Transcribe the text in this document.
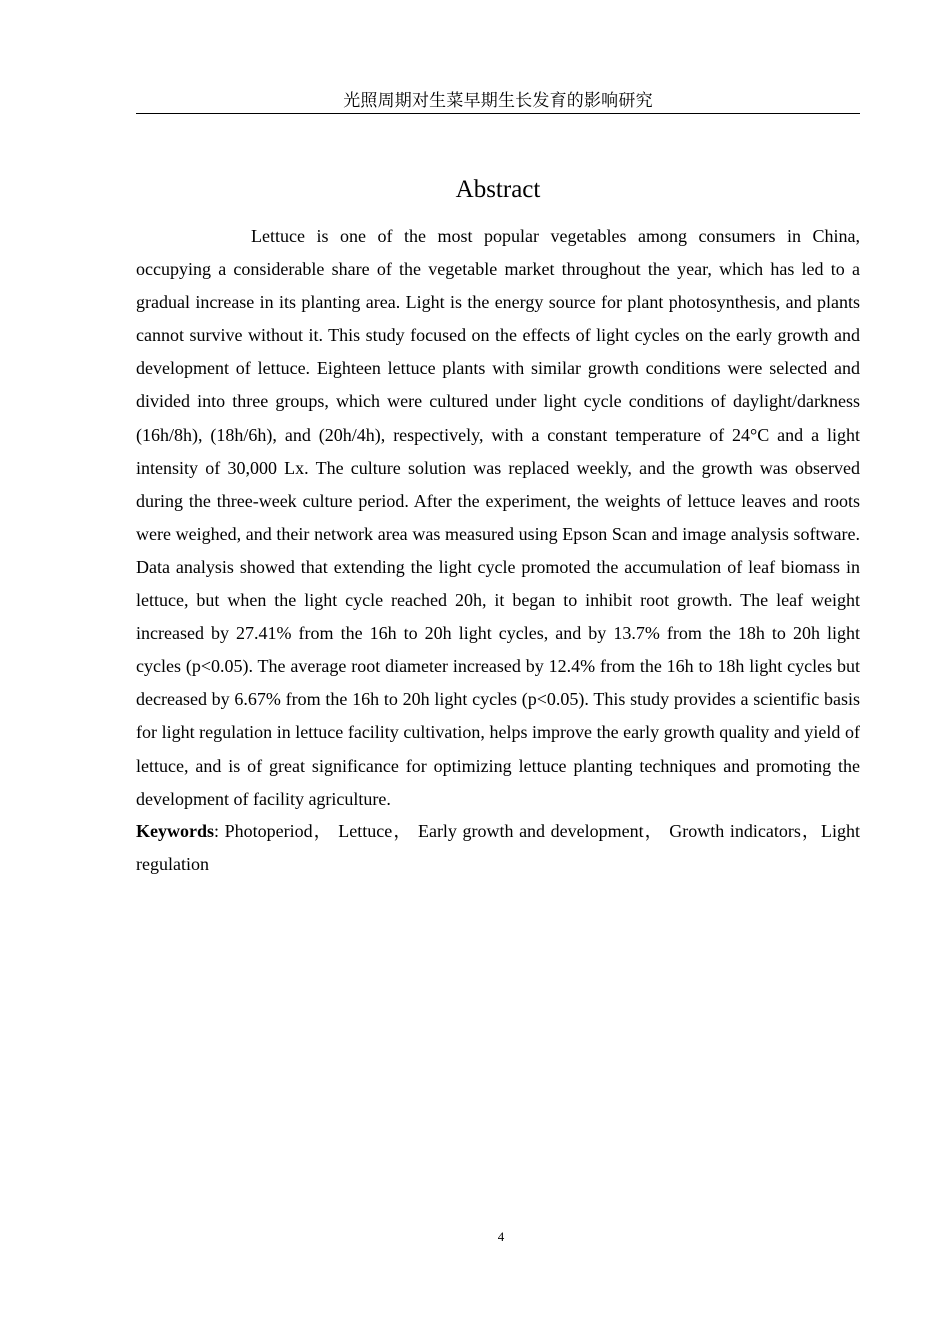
光照周期对生菜早期生长发育的影响研究
Abstract

Lettuce is one of the most popular vegetables among consumers in China, occupying a considerable share of the vegetable market throughout the year, which has led to a gradual increase in its planting area. Light is the energy source for plant photosynthesis, and plants cannot survive without it. This study focused on the effects of light cycles on the early growth and development of lettuce. Eighteen lettuce plants with similar growth conditions were selected and divided into three groups, which were cultured under light cycle conditions of daylight/darkness (16h/8h), (18h/6h), and (20h/4h), respectively, with a constant temperature of 24°C and a light intensity of 30,000 Lx. The culture solution was replaced weekly, and the growth was observed during the three-week culture period. After the experiment, the weights of lettuce leaves and roots were weighed, and their network area was measured using Epson Scan and image analysis software. Data analysis showed that extending the light cycle promoted the accumulation of leaf biomass in lettuce, but when the light cycle reached 20h, it began to inhibit root growth. The leaf weight increased by 27.41% from the 16h to 20h light cycles, and by 13.7% from the 18h to 20h light cycles (p<0.05). The average root diameter increased by 12.4% from the 16h to 18h light cycles but decreased by 6.67% from the 16h to 20h light cycles (p<0.05). This study provides a scientific basis for light regulation in lettuce facility cultivation, helps improve the early growth quality and yield of lettuce, and is of great significance for optimizing lettuce planting techniques and promoting the development of facility agriculture.

Keywords: Photoperiod， Lettuce， Early growth and development， Growth indicators，Light regulation

4
